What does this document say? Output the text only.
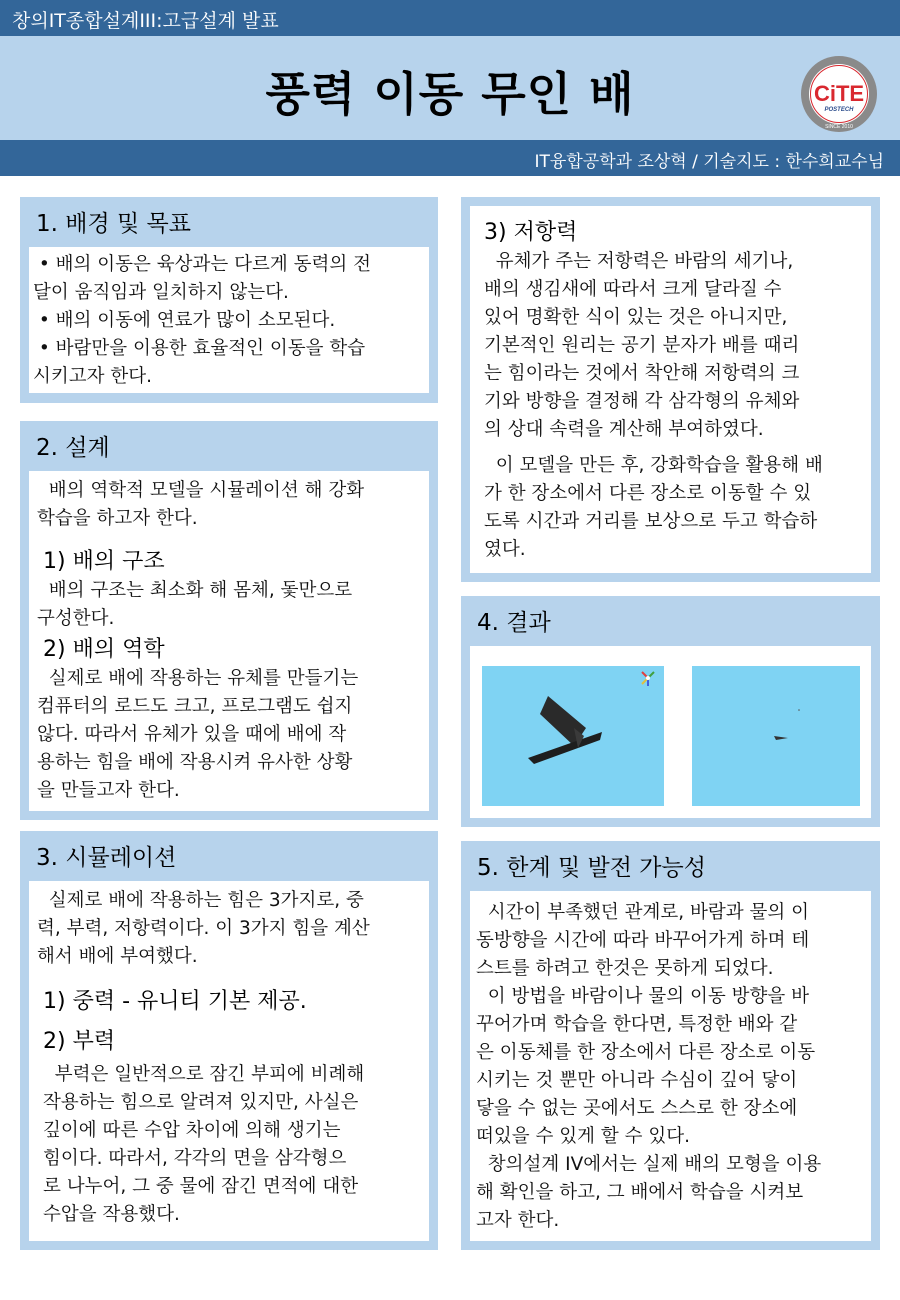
창의IT종합설계III:고급설계 발표
풍력 이동 무인 배	CiTE
POSTECH
SINCE 2010
IT융합공학과 조상혁 / 기술지도 : 한수희교수님
1. 배경 및 목표

• 배의 이동은 육상과는 다르게 동력의 전

달이 움직임과 일치하지 않는다.

• 배의 이동에 연료가 많이 소모된다.

• 바람만을 이용한 효율적인 이동을 학습

시키고자 한다.

2. 설계

배의 역학적 모델을 시뮬레이션 해 강화

학습을 하고자 한다.

1) 배의 구조

배의 구조는 최소화 해 몸체, 돛만으로

구성한다.

2) 배의 역학

실제로 배에 작용하는 유체를 만들기는

컴퓨터의 로드도 크고, 프로그램도 쉽지

않다. 따라서 유체가 있을 때에 배에 작

용하는 힘을 배에 작용시켜 유사한 상황

을 만들고자 한다.

3. 시뮬레이션

실제로 배에 작용하는 힘은 3가지로, 중

력, 부력, 저항력이다. 이 3가지 힘을 계산

해서 배에 부여했다.

1) 중력 - 유니티 기본 제공.
2) 부력

부력은 일반적으로 잠긴 부피에 비례해

작용하는 힘으로 알려져 있지만, 사실은

깊이에 따른 수압 차이에 의해 생기는

힘이다. 따라서, 각각의 면을 삼각형으

로 나누어, 그 중 물에 잠긴 면적에 대한

수압을 작용했다.

3) 저항력

유체가 주는 저항력은 바람의 세기나,

배의 생김새에 따라서 크게 달라질 수

있어 명확한 식이 있는 것은 아니지만,

기본적인 원리는 공기 분자가 배를 때리

는 힘이라는 것에서 착안해 저항력의 크

기와 방향을 결정해 각 삼각형의 유체와

의 상대 속력을 계산해 부여하였다.

이 모델을 만든 후, 강화학습을 활용해 배

가 한 장소에서 다른 장소로 이동할 수 있

도록 시간과 거리를 보상으로 두고 학습하

였다.

4. 결과
5. 한계 및 발전 가능성

시간이 부족했던 관계로, 바람과 물의 이

동방향을 시간에 따라 바꾸어가게 하며 테

스트를 하려고 한것은 못하게 되었다.

이 방법을 바람이나 물의 이동 방향을 바

꾸어가며 학습을 한다면, 특정한 배와 같

은 이동체를 한 장소에서 다른 장소로 이동

시키는 것 뿐만 아니라 수심이 깊어 닿이

닿을 수 없는 곳에서도 스스로 한 장소에

떠있을 수 있게 할 수 있다.

창의설계 IV에서는 실제 배의 모형을 이용

해 확인을 하고, 그 배에서 학습을 시켜보

고자 한다.
